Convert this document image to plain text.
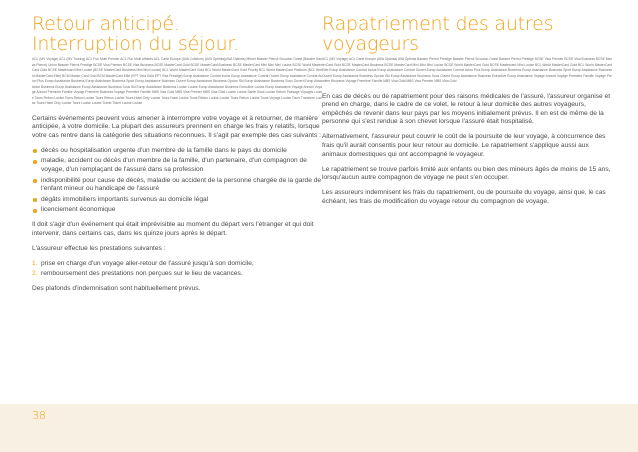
Retour anticipé.
Interruption du séjour.
ACL (MV Voyage) ACL (MV Touring) ACL Fun Multi Premier ACL Fun Multi Affaires ACL Carte Europe (AVA Cofidium) (AVA Optimia)(AVA Optimia) Mbnet Bassier Pierrot Scoudon Ouest (Bassier Sanas Pierrot) Union Bassier Pierrot Prestige BCSE Visa Premier BCSE Visa Business BCSE MasterCard Gold BCSE MasterCard Business BCSE MasterCard Mini Mini Mini Louise BCSE World MasterCard Gold BCSE Mastercard Mini Louise (BCSE MasterCard Business Mini Mini Louise) BCL World MasterCard Gold BCL World MasterCard Gold Priority BCL World MasterCard Platinum (BCL World MasterCard Elite) BCM Master Card Gold BCM MasterCard Elite (EPT Visa Gold EPT Visa Prestige) Europ Assistance Contrat Inclus Europ Assistance Contrat Ouvert Europ Assistance Contrat Avion Plus Europ Assistance Business Europ Assistance Business Sport Europ Assistance Business Ouvert Europ Assistance Business Opcion Ski Europ Assistance Business Sous Ouvert Europ Assistance Business Europ Assistance Europ Assistance Business Sous Ski Europ Assistance Business Louise Louise Europ Assistance Business Executive Louise Europ Assistance Voyage Annuel Voyage Annuel Première Famille Voyage Première Business Voyage Première Famille MBS Visa Gold MBS Visa Premier MBS Visa Gold Louise Louise Sante Sous Louise Rebon Passage Voyages Louise Tours Rebon Louise Tours Rebon Louise Tours Rebon Louise Tours Hotel Only Louise Tours Hotel Louise Tours Rebon Louise Louise Tours Rebon Louise Tours Voyage Louise Tours Transfere Louise Tours Hotel Only Louise Tours Louise Louise Travel Ticket Louise Louise

Certains événements peuvent vous amener à interrompre votre voyage et à retourner, de manière anticipée, à votre domicile. La plupart des assureurs prennent en charge les frais y relatifs, lorsque votre cas rentre dans la catégorie des situations reconnues. Il s'agit par exemple des cas suivants :

décès ou hospitalisation urgente d'un membre de la famille dans le pays du domicile
maladie, accident ou décès d'un membre de la famille, d'un partenaire, d'un compagnon de voyage, d'un remplaçant de l'assuré dans sa profession
indisponibilité pour cause de décès, maladie ou accident de la personne chargée de la garde de l'enfant mineur ou handicapé de l'assuré
dégâts immobiliers importants survenus au domicile légal
licenciement économique

Il doit s'agir d'un événement qui était imprévisible au moment du départ vers l'étranger et qui doit intervenir, dans certains cas, dans les quinze jours après le départ.

L'assureur effectue les prestations suivantes :

1. prise en charge d'un voyage aller-retour de l'assuré jusqu'à son domicile,
2. remboursement des prestations non perçues sur le lieu de vacances.

Des plafonds d'indemnisation sont habituellement prévus.

Rapatriement des autres
voyageurs
ACL (MV Voyage) ACL Carte Europe (AVA Optimia) AVA Optimia Bassier Pierrot Prestige Bassier Pierrot Scoudon Ouest Bassier Pierrot Prestige BCSE Visa Premier BCSE Visa Business BCSE MasterCard Gold BCSE MasterCard Business BCSE MasterCard Mini Mini Mini Louise BCSE World MasterCard Gold BCSE Mastercard Mini Louise BCL World MasterCard Gold BCL World MasterCard Elite Europ Assistance Contrat Inclus Europ Assistance Contrat Ouvert Europ Assistance Contrat Avion Plus Europ Assistance Business Europ Assistance Business Sport Europ Assistance Business Ouvert Europ Assistance Business Opcion Ski Europ Assistance Business Sous Ouvert Europ Assistance Business Executive Europ Assistance Voyage Annuel Voyage Première Famille Voyage Première Business Voyage Première Famille MBS Visa Gold MBS Visa Premier MBS Visa Gold

En cas de décès ou de rapatriement pour des raisons médicales de l'assuré, l'assureur organise et prend en charge, dans le cadre de ce volet, le retour à leur domicile des autres voyageurs, empêchés de revenir dans leur pays par les moyens initialement prévus. Il en est de même de la personne qui s'est rendue à son chevet lorsque l'assuré était hospitalisé.

Alternativement, l'assureur peut couvrir le coût de la poursuite de leur voyage, à concurrence des frais qu'il aurait consentis pour leur retour au domicile. Le rapatriement s'applique aussi aux animaux domestiques qui ont accompagné le voyageur.

Le rapatriement se trouve parfois limité aux enfants ou bien des mineurs âgés de moins de 15 ans, lorsqu'aucun autre compagnon de voyage ne peut s'en occuper.

Les assureurs indemnisent les frais du rapatriement, ou de poursuite du voyage, ainsi que, le cas échéant, les frais de modification du voyage retour du compagnon de voyage.

38
